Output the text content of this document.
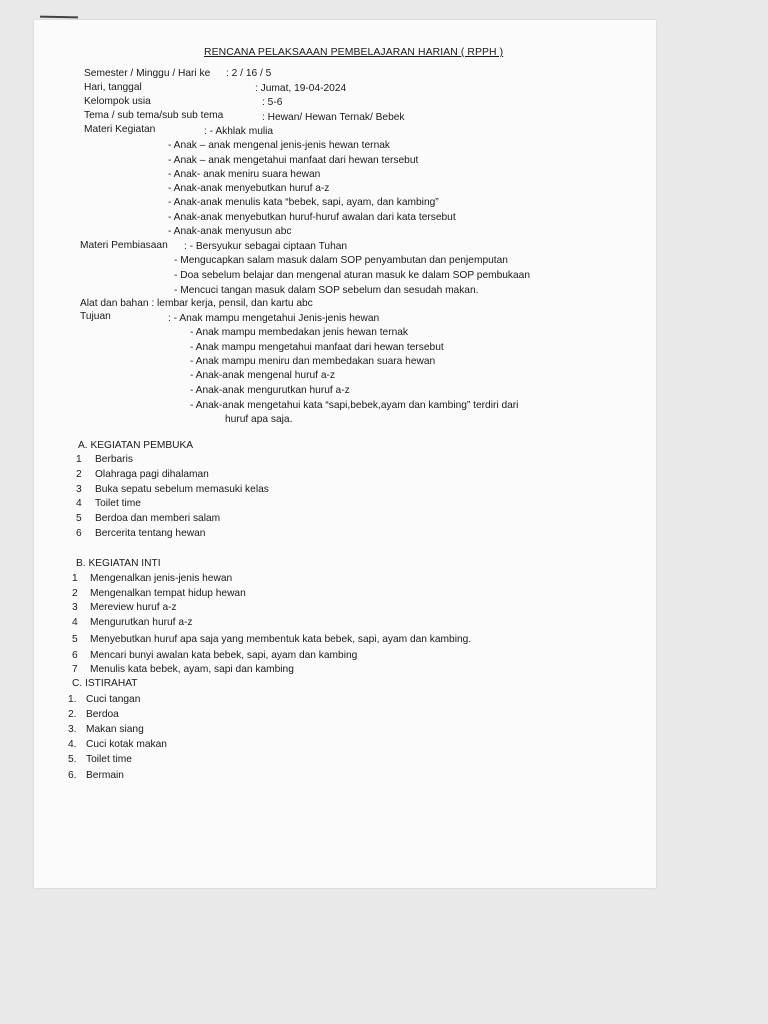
RENCANA PELAKSAAAN PEMBELAJARAN HARIAN ( RPPH )
Semester / Minggu / Hari ke : 2 / 16 / 5
Hari, tanggal	: Jumat, 19-04-2024
Kelompok usia	: 5-6
Tema / sub tema/sub sub tema	: Hewan/ Hewan Ternak/ Bebek
Materi Kegiatan	: - Akhlak mulia
- Anak – anak mengenal jenis-jenis hewan ternak
- Anak – anak mengetahui manfaat dari hewan tersebut
- Anak- anak meniru suara hewan
- Anak-anak menyebutkan huruf a-z
- Anak-anak menulis kata “bebek, sapi, ayam, dan kambing”
- Anak-anak menyebutkan huruf-huruf awalan dari kata tersebut
- Anak-anak menyusun abc
Materi Pembiasaan : - Bersyukur sebagai ciptaan Tuhan
- Mengucapkan salam masuk dalam SOP penyambutan dan penjemputan
- Doa sebelum belajar dan mengenal aturan masuk ke dalam SOP pembukaan
- Mencuci tangan masuk dalam SOP sebelum dan sesudah makan.
Alat dan bahan : lembar kerja, pensil, dan kartu abc
Tujuan	: - Anak mampu mengetahui Jenis-jenis hewan
- Anak mampu membedakan jenis hewan ternak
- Anak mampu mengetahui manfaat dari hewan tersebut
- Anak mampu meniru dan membedakan suara hewan
- Anak-anak mengenal huruf a-z
- Anak-anak mengurutkan huruf a-z
- Anak-anak mengetahui kata “sapi,bebek,ayam dan kambing” terdiri dari
huruf apa saja.
A. KEGIATAN PEMBUKA
1 Berbaris
2 Olahraga pagi dihalaman
3 Buka sepatu sebelum memasuki kelas
4 Toilet time
5 Berdoa dan memberi salam
6 Bercerita tentang hewan
B. KEGIATAN INTI
1 Mengenalkan jenis-jenis hewan
2 Mengenalkan tempat hidup hewan
3 Mereview huruf a-z
4 Mengurutkan huruf a-z
5 Menyebutkan huruf apa saja yang membentuk kata bebek, sapi, ayam dan kambing.
6 Mencari bunyi awalan kata bebek, sapi, ayam dan kambing
7 Menulis kata bebek, ayam, sapi dan kambing
C. ISTIRAHAT
1. Cuci tangan
2. Berdoa
3. Makan siang
4. Cuci kotak makan
5. Toilet time
6. Bermain
